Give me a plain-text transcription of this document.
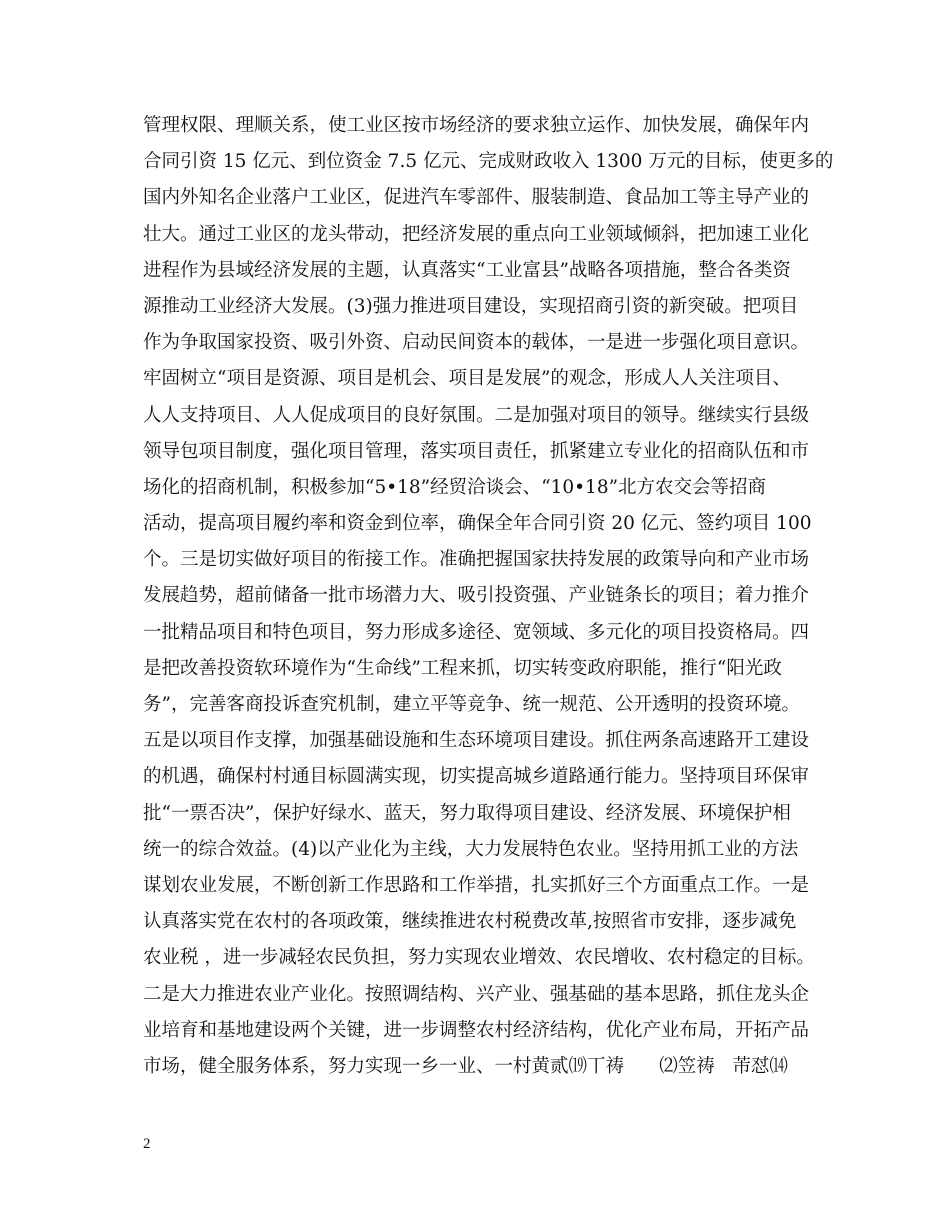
管理权限、理顺关系，使工业区按市场经济的要求独立运作、加快发展，确保年内
合同引资 15 亿元、到位资金 7.5 亿元、完成财政收入 1300 万元的目标，使更多的
国内外知名企业落户工业区，促进汽车零部件、服装制造、食品加工等主导产业的
壮大。通过工业区的龙头带动，把经济发展的重点向工业领域倾斜，把加速工业化
进程作为县域经济发展的主题，认真落实“工业富县”战略各项措施，整合各类资
源推动工业经济大发展。(3)强力推进项目建设，实现招商引资的新突破。把项目
作为争取国家投资、吸引外资、启动民间资本的载体，一是进一步强化项目意识。
牢固树立“项目是资源、项目是机会、项目是发展”的观念，形成人人关注项目、
人人支持项目、人人促成项目的良好氛围。二是加强对项目的领导。继续实行县级
领导包项目制度，强化项目管理，落实项目责任，抓紧建立专业化的招商队伍和市
场化的招商机制，积极参加“5•18”经贸洽谈会、“10•18”北方农交会等招商
活动，提高项目履约率和资金到位率，确保全年合同引资 20 亿元、签约项目 100
个。三是切实做好项目的衔接工作。准确把握国家扶持发展的政策导向和产业市场
发展趋势，超前储备一批市场潜力大、吸引投资强、产业链条长的项目；着力推介
一批精品项目和特色项目，努力形成多途径、宽领域、多元化的项目投资格局。四
是把改善投资软环境作为“生命线”工程来抓，切实转变政府职能，推行“阳光政
务”，完善客商投诉查究机制，建立平等竞争、统一规范、公开透明的投资环境。
五是以项目作支撑，加强基础设施和生态环境项目建设。抓住两条高速路开工建设
的机遇，确保村村通目标圆满实现，切实提高城乡道路通行能力。坚持项目环保审
批“一票否决”，保护好绿水、蓝天，努力取得项目建设、经济发展、环境保护相
统一的综合效益。(4)以产业化为主线，大力发展特色农业。坚持用抓工业的方法
谋划农业发展，不断创新工作思路和工作举措，扎实抓好三个方面重点工作。一是
认真落实党在农村的各项政策，继续推进农村税费改革,按照省市安排，逐步减免
农业税 ，进一步减轻农民负担，努力实现农业增效、农民增收、农村稳定的目标。
二是大力推进农业产业化。按照调结构、兴产业、强基础的基本思路，抓住龙头企
业培育和基地建设两个关键，进一步调整农村经济结构，优化产业布局，开拓产品
市场，健全服务体系，努力实现一乡一业、一村黄贰⒆丅祷      ⑵笠祷   芾怼⒁
2
